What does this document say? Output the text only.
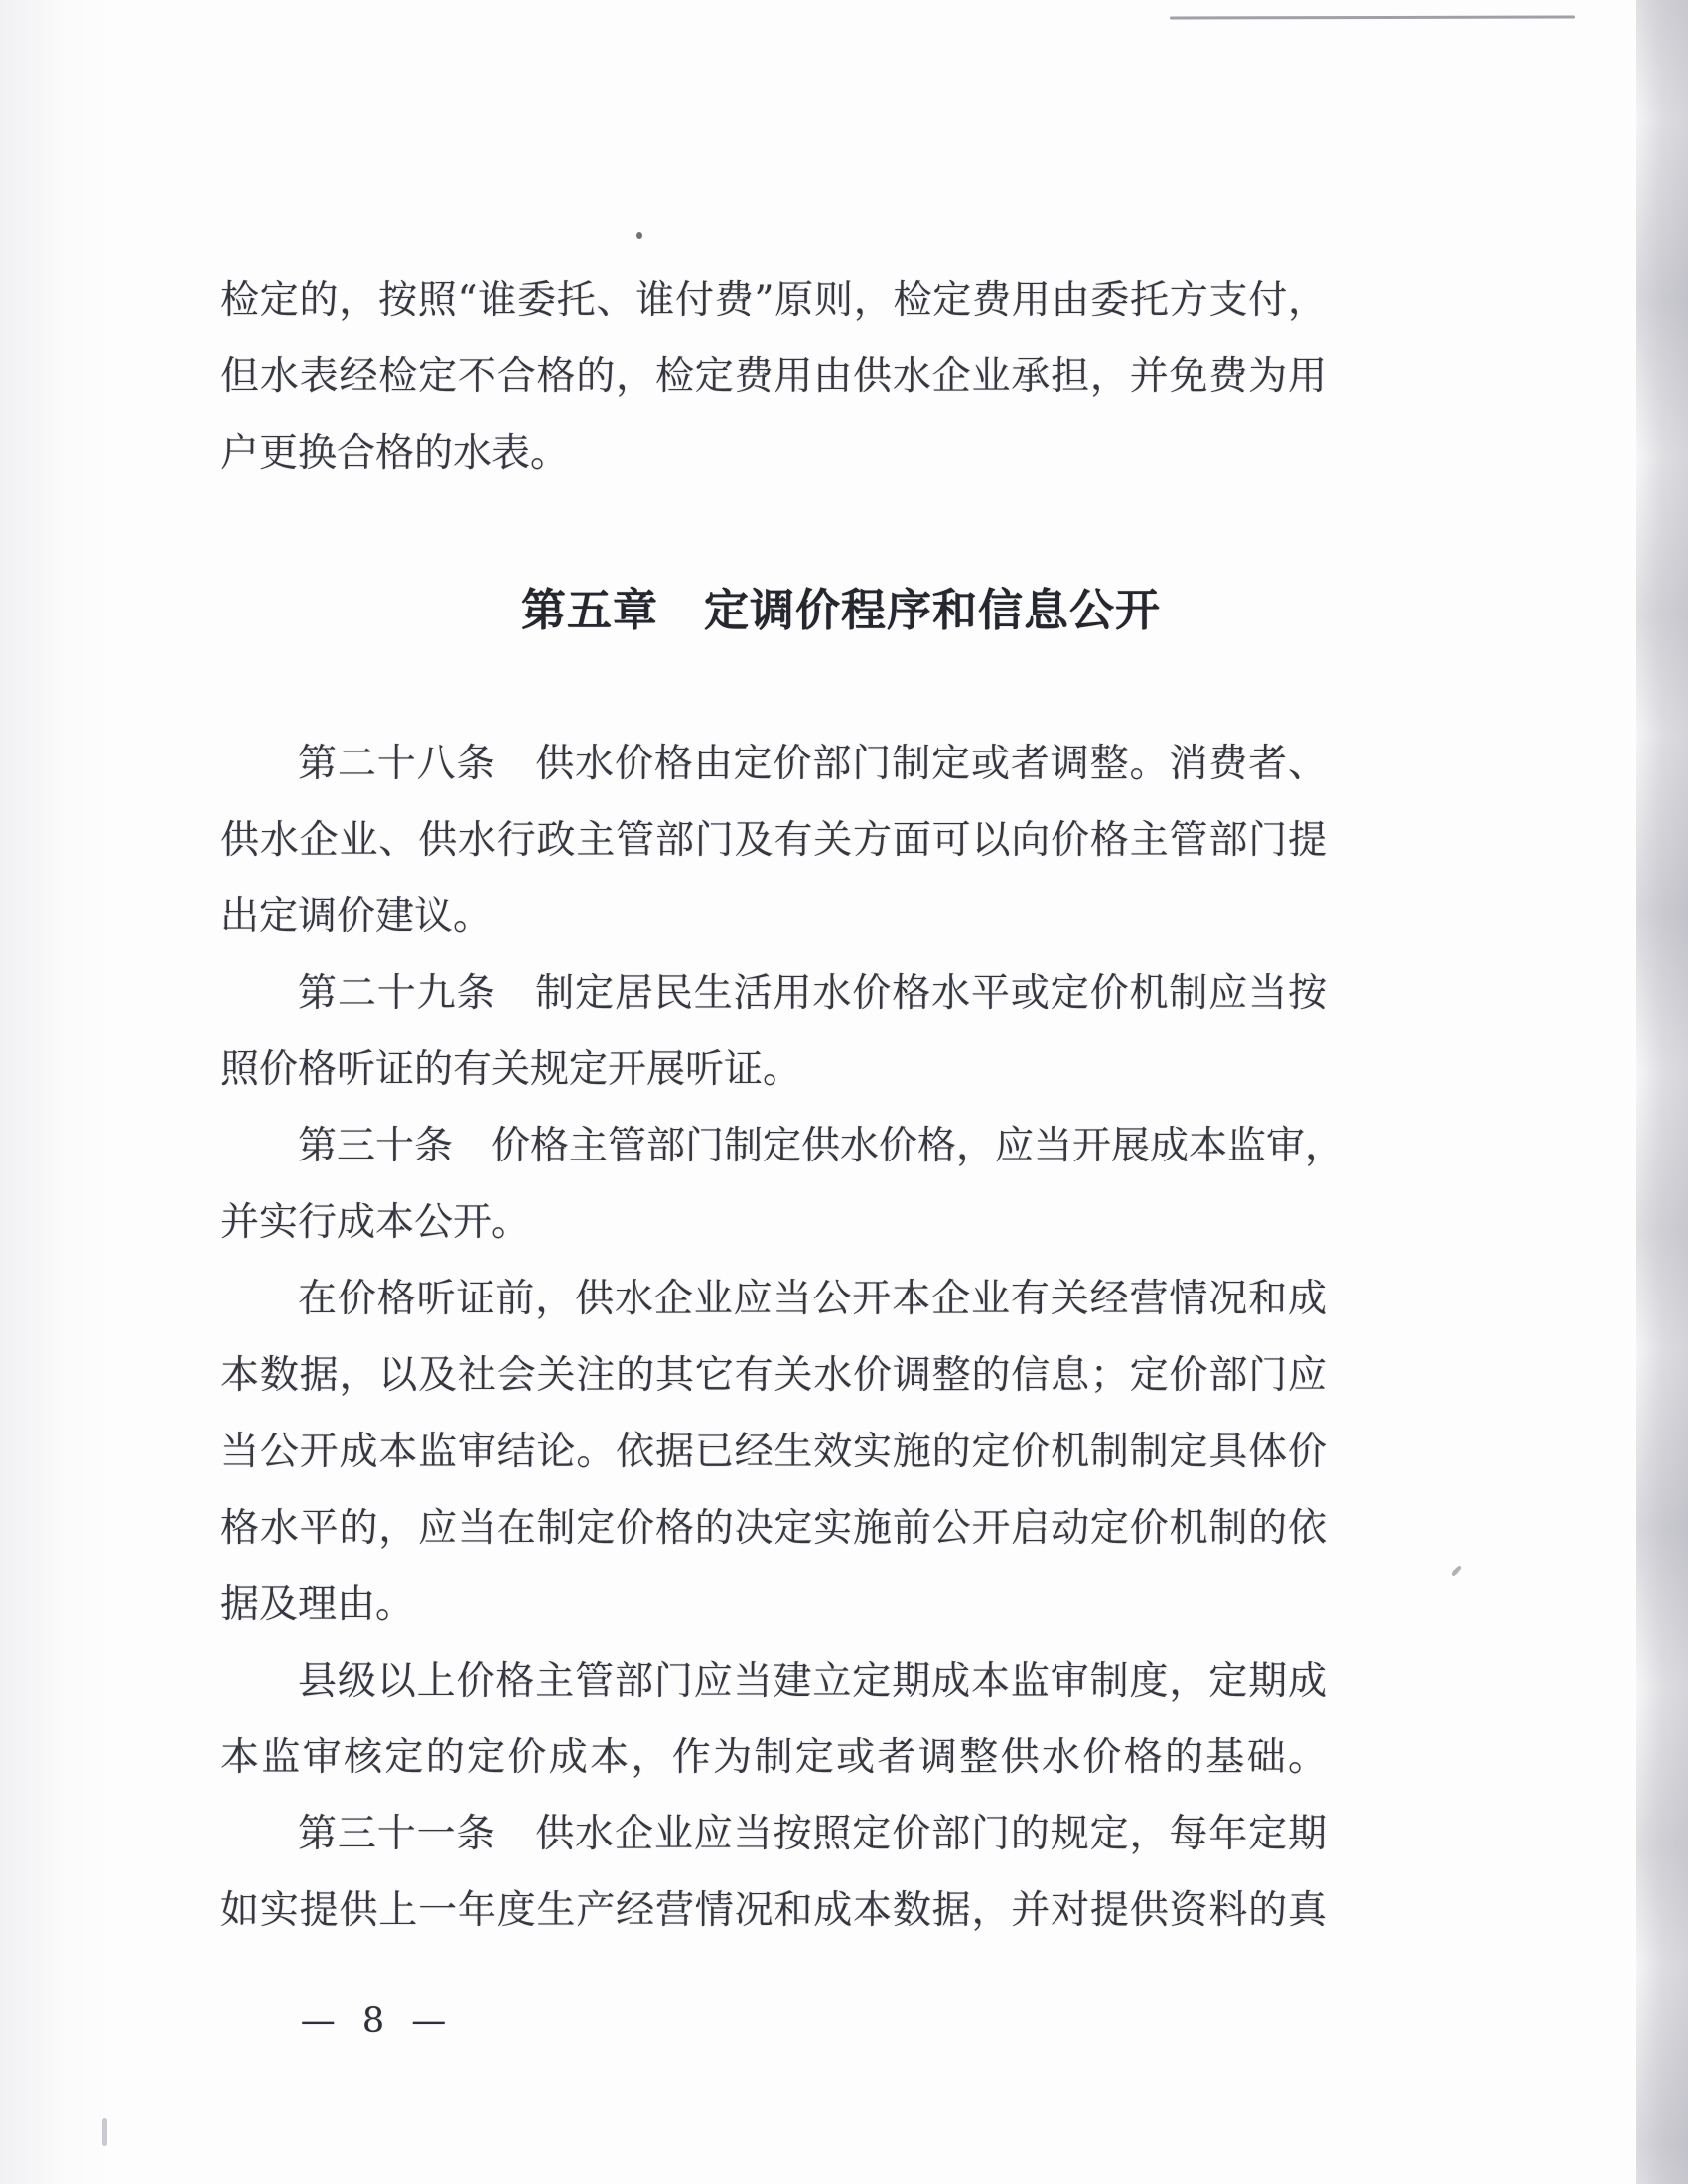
检定的，按照“谁委托、谁付费”原则，检定费用由委托方支付，
但水表经检定不合格的，检定费用由供水企业承担，并免费为用
户更换合格的水表。
第五章　定调价程序和信息公开
第二十八条　供水价格由定价部门制定或者调整。消费者、
供水企业、供水行政主管部门及有关方面可以向价格主管部门提
出定调价建议。
第二十九条　制定居民生活用水价格水平或定价机制应当按
照价格听证的有关规定开展听证。
第三十条　价格主管部门制定供水价格，应当开展成本监审，
并实行成本公开。
在价格听证前，供水企业应当公开本企业有关经营情况和成
本数据，以及社会关注的其它有关水价调整的信息；定价部门应
当公开成本监审结论。依据已经生效实施的定价机制制定具体价
格水平的，应当在制定价格的决定实施前公开启动定价机制的依
据及理由。
县级以上价格主管部门应当建立定期成本监审制度，定期成
本监审核定的定价成本，作为制定或者调整供水价格的基础。
第三十一条　供水企业应当按照定价部门的规定，每年定期
如实提供上一年度生产经营情况和成本数据，并对提供资料的真
— 8 —
